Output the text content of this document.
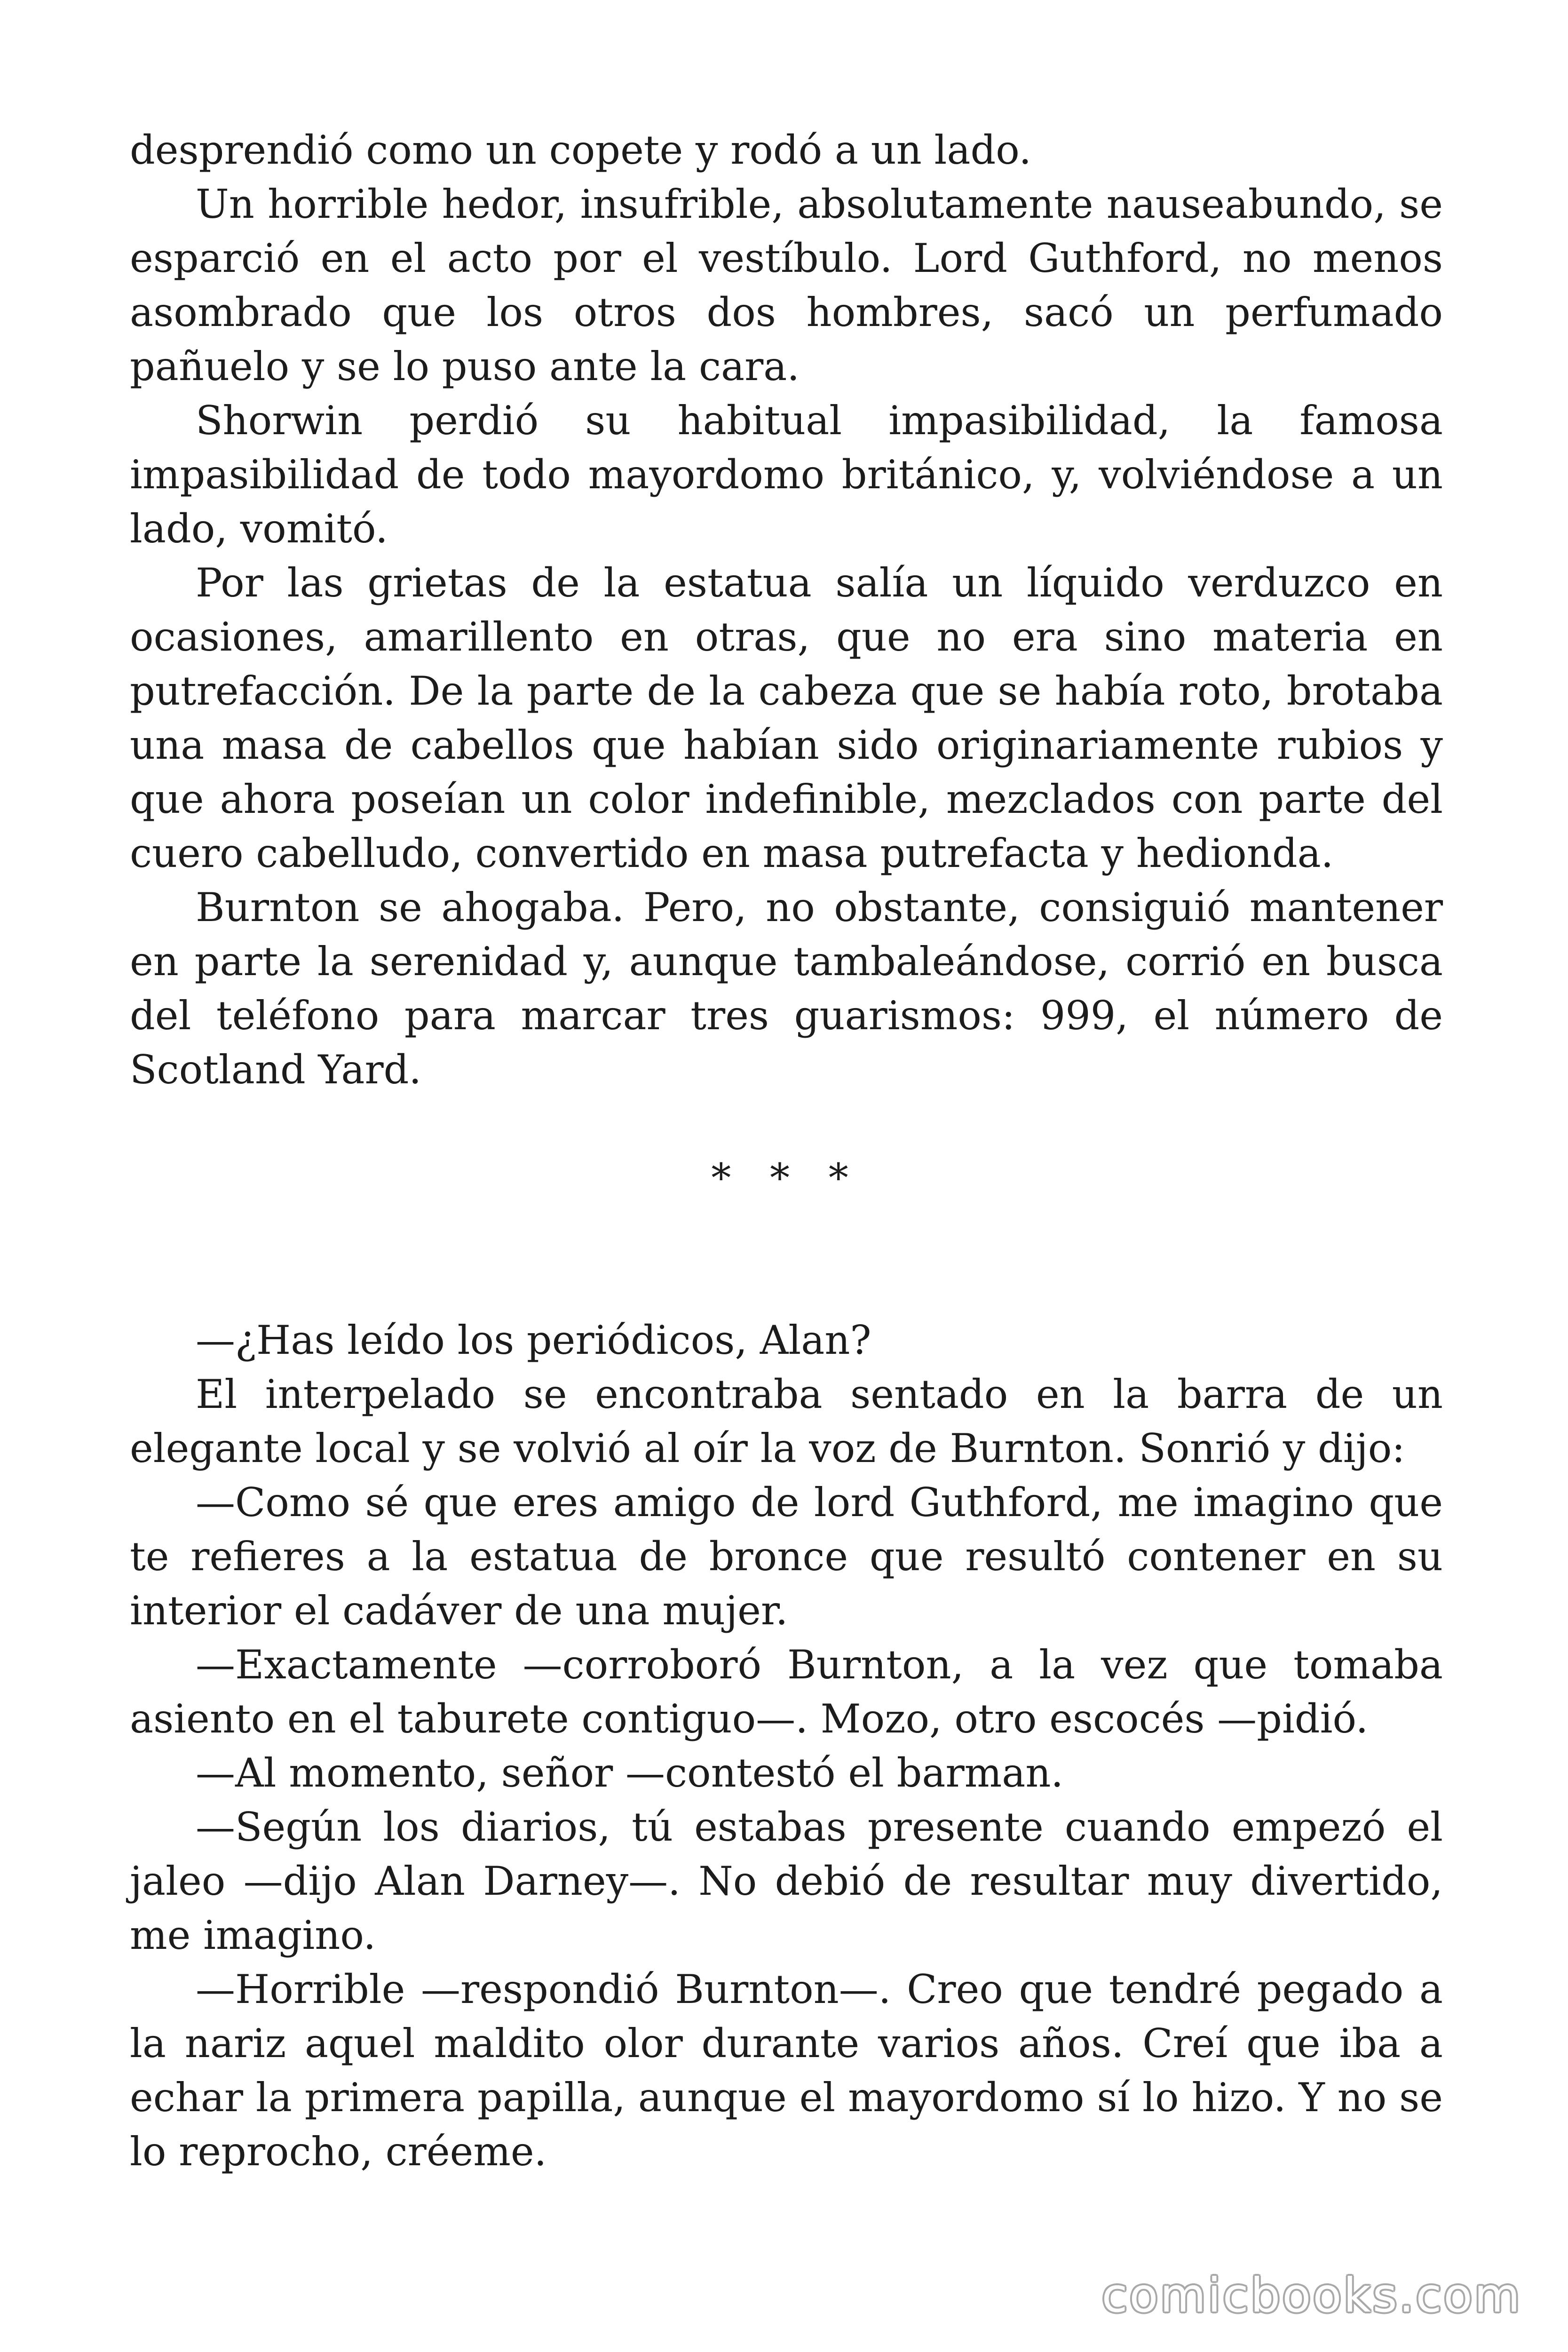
desprendió como un copete y rodó a un lado.

Un horrible hedor, insufrible, absolutamente nauseabundo, se esparció en el acto por el vestíbulo. Lord Guthford, no menos asombrado que los otros dos hombres, sacó un perfumado pañuelo y se lo puso ante la cara.

Shorwin perdió su habitual impasibilidad, la famosa impasibilidad de todo mayordomo británico, y, volviéndose a un lado, vomitó.

Por las grietas de la estatua salía un líquido verduzco en ocasiones, amarillento en otras, que no era sino materia en putrefacción. De la parte de la cabeza que se había roto, brotaba una masa de cabellos que habían sido originariamente rubios y que ahora poseían un color indefinible, mezclados con parte del cuero cabelludo, convertido en masa putrefacta y hedionda.

Burnton se ahogaba. Pero, no obstante, consiguió mantener en parte la serenidad y, aunque tambaleándose, corrió en busca del teléfono para marcar tres guarismos: 999, el número de Scotland Yard.

* * *

—¿Has leído los periódicos, Alan?

El interpelado se encontraba sentado en la barra de un elegante local y se volvió al oír la voz de Burnton. Sonrió y dijo:

—Como sé que eres amigo de lord Guthford, me imagino que te refieres a la estatua de bronce que resultó contener en su interior el cadáver de una mujer.

—Exactamente —corroboró Burnton, a la vez que tomaba asiento en el taburete contiguo—. Mozo, otro escocés —pidió.

—Al momento, señor —contestó el barman.

—Según los diarios, tú estabas presente cuando empezó el jaleo —dijo Alan Darney—. No debió de resultar muy divertido, me imagino.

—Horrible —respondió Burnton—. Creo que tendré pegado a la nariz aquel maldito olor durante varios años. Creí que iba a echar la primera papilla, aunque el mayordomo sí lo hizo. Y no se lo reprocho, créeme.

comicbooks.com
